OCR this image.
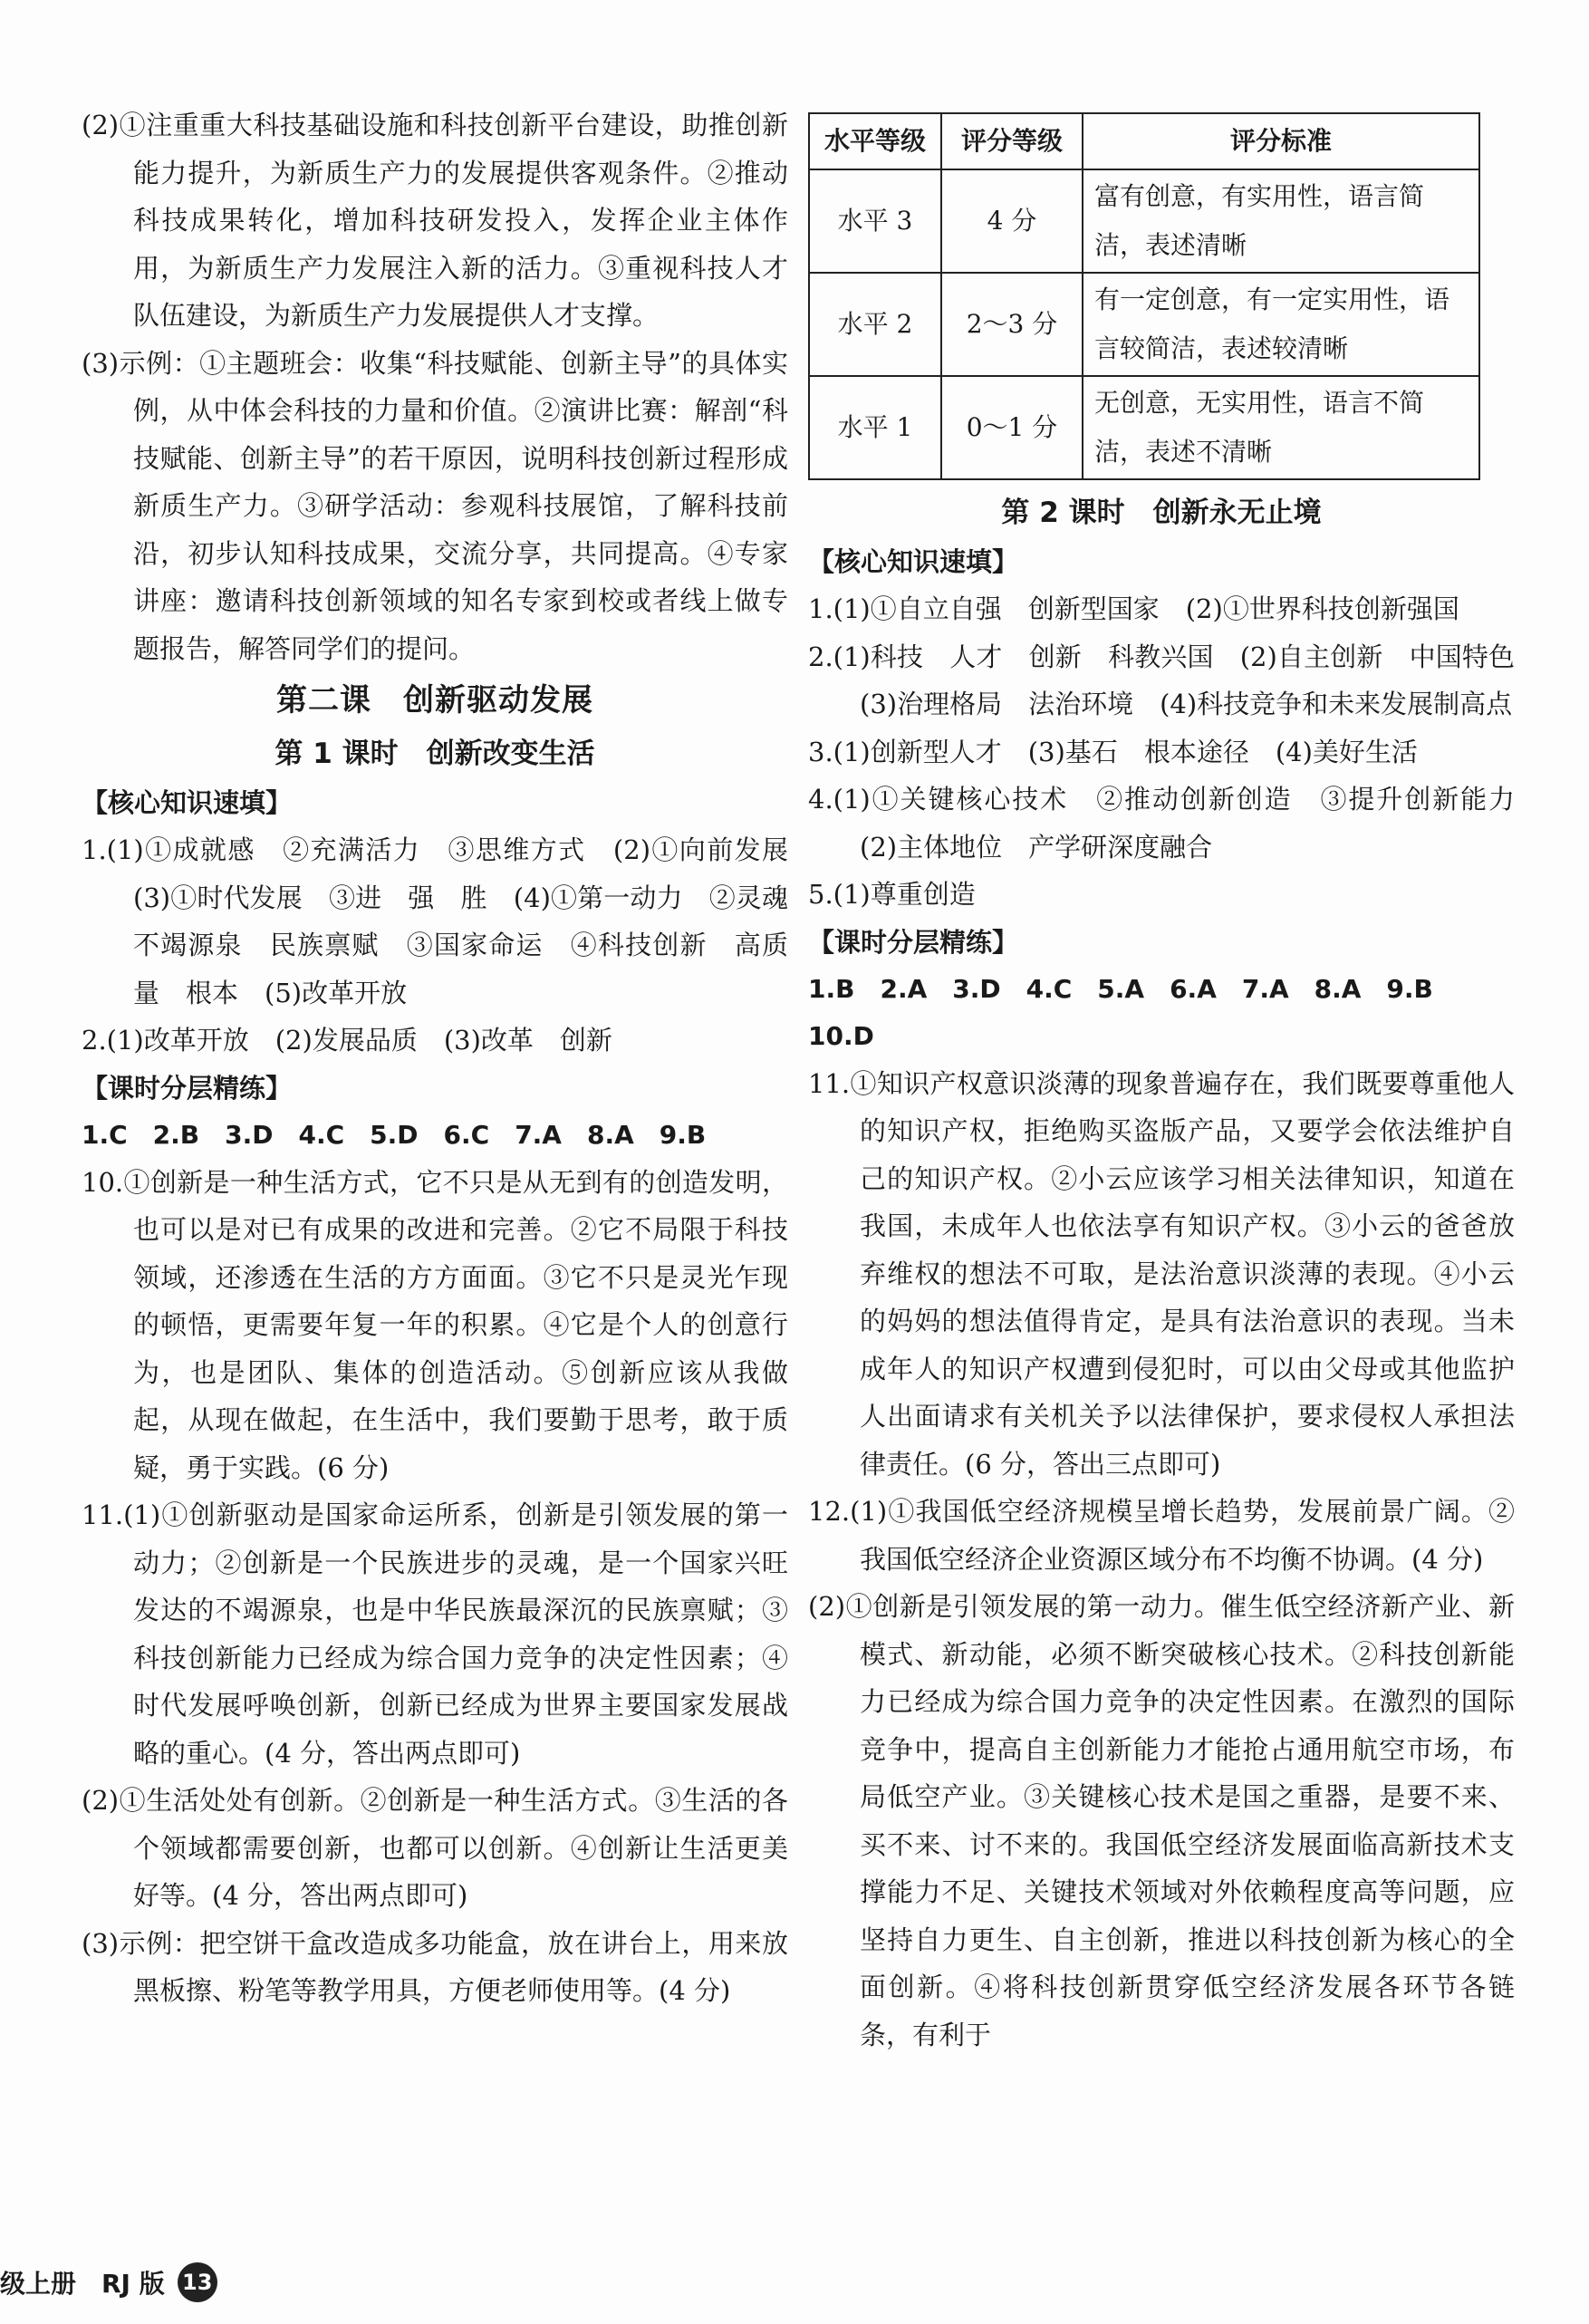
(2)①注重重大科技基础设施和科技创新平台建设，助推创新能力提升，为新质生产力的发展提供客观条件。②推动科技成果转化，增加科技研发投入，发挥企业主体作用，为新质生产力发展注入新的活力。③重视科技人才队伍建设，为新质生产力发展提供人才支撑。

(3)示例：①主题班会：收集“科技赋能、创新主导”的具体实例，从中体会科技的力量和价值。②演讲比赛：解剖“科技赋能、创新主导”的若干原因，说明科技创新过程形成新质生产力。③研学活动：参观科技展馆，了解科技前沿，初步认知科技成果，交流分享，共同提高。④专家讲座：邀请科技创新领域的知名专家到校或者线上做专题报告，解答同学们的提问。

第二课　创新驱动发展

第 1 课时　创新改变生活

【核心知识速填】

1.(1)①成就感　②充满活力　③思维方式　(2)①向前发展　(3)①时代发展　③进　强　胜　(4)①第一动力　②灵魂　不竭源泉　民族禀赋　③国家命运　④科技创新　高质量　根本　(5)改革开放

2.(1)改革开放　(2)发展品质　(3)改革　创新

【课时分层精练】

1.C　2.B　3.D　4.C　5.D　6.C　7.A　8.A　9.B

10.①创新是一种生活方式，它不只是从无到有的创造发明，也可以是对已有成果的改进和完善。②它不局限于科技领域，还渗透在生活的方方面面。③它不只是灵光乍现的顿悟，更需要年复一年的积累。④它是个人的创意行为，也是团队、集体的创造活动。⑤创新应该从我做起，从现在做起，在生活中，我们要勤于思考，敢于质疑，勇于实践。(6 分)

11.(1)①创新驱动是国家命运所系，创新是引领发展的第一动力；②创新是一个民族进步的灵魂，是一个国家兴旺发达的不竭源泉，也是中华民族最深沉的民族禀赋；③科技创新能力已经成为综合国力竞争的决定性因素；④时代发展呼唤创新，创新已经成为世界主要国家发展战略的重心。(4 分，答出两点即可)

(2)①生活处处有创新。②创新是一种生活方式。③生活的各个领域都需要创新，也都可以创新。④创新让生活更美好等。(4 分，答出两点即可)

(3)示例：把空饼干盒改造成多功能盒，放在讲台上，用来放黑板擦、粉笔等教学用具，方便老师使用等。(4 分)

水平等级	评分等级	评分标准
水平 3	4 分	富有创意，有实用性，语言简洁，表述清晰
水平 2	2～3 分	有一定创意，有一定实用性，语言较简洁，表述较清晰
水平 1	0～1 分	无创意，无实用性，语言不简洁，表述不清晰

第 2 课时　创新永无止境

【核心知识速填】

1.(1)①自立自强　创新型国家　(2)①世界科技创新强国

2.(1)科技　人才　创新　科教兴国　(2)自主创新　中国特色　(3)治理格局　法治环境　(4)科技竞争和未来发展制高点

3.(1)创新型人才　(3)基石　根本途径　(4)美好生活

4.(1)①关键核心技术　②推动创新创造　③提升创新能力　(2)主体地位　产学研深度融合

5.(1)尊重创造

【课时分层精练】

1.B　2.A　3.D　4.C　5.A　6.A　7.A　8.A　9.B

10.D

11.①知识产权意识淡薄的现象普遍存在，我们既要尊重他人的知识产权，拒绝购买盗版产品，又要学会依法维护自己的知识产权。②小云应该学习相关法律知识，知道在我国，未成年人也依法享有知识产权。③小云的爸爸放弃维权的想法不可取，是法治意识淡薄的表现。④小云的妈妈的想法值得肯定，是具有法治意识的表现。当未成年人的知识产权遭到侵犯时，可以由父母或其他监护人出面请求有关机关予以法律保护，要求侵权人承担法律责任。(6 分，答出三点即可)

12.(1)①我国低空经济规模呈增长趋势，发展前景广阔。②我国低空经济企业资源区域分布不均衡不协调。(4 分)

(2)①创新是引领发展的第一动力。催生低空经济新产业、新模式、新动能，必须不断突破核心技术。②科技创新能力已经成为综合国力竞争的决定性因素。在激烈的国际竞争中，提高自主创新能力才能抢占通用航空市场，布局低空产业。③关键核心技术是国之重器，是要不来、买不来、讨不来的。我国低空经济发展面临高新技术支撑能力不足、关键技术领域对外依赖程度高等问题，应坚持自力更生、自主创新，推进以科技创新为核心的全面创新。④将科技创新贯穿低空经济发展各环节各链条，有利于

级上册　RJ 版 13
